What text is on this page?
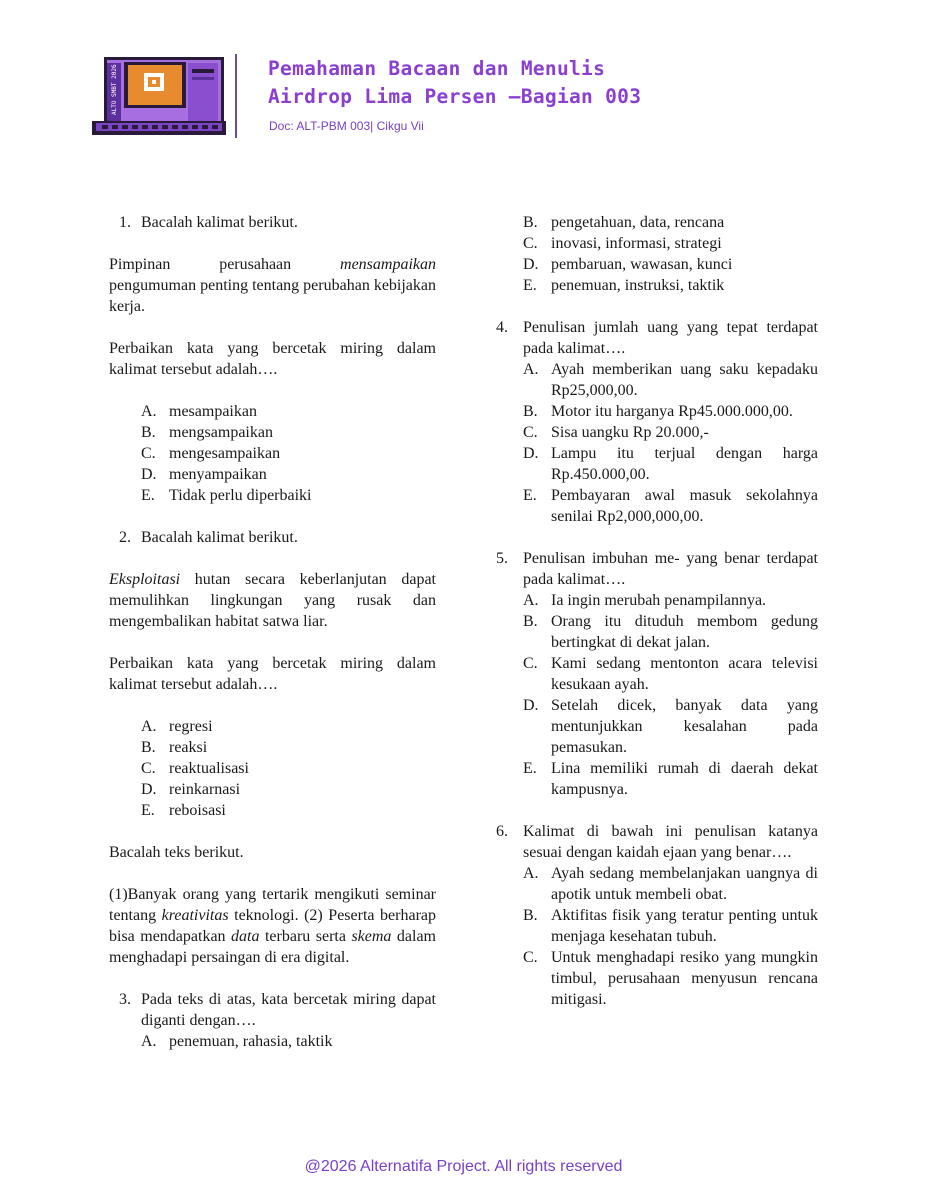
ALTO SMBT 2026	Pemahaman Bacaan dan Menulis
Airdrop Lima Persen –Bagian 003
Doc: ALT-PBM 003| Cikgu Vii
1. Bacalah kalimat berikut.
Pimpinan perusahaan mensampaikan pengumuman penting tentang perubahan kebijakan kerja.
Perbaikan kata yang bercetak miring dalam kalimat tersebut adalah….
A. mesampaikan
B. mengsampaikan
C. mengesampaikan
D. menyampaikan
E. Tidak perlu diperbaiki
2. Bacalah kalimat berikut.
Eksploitasi hutan secara keberlanjutan dapat memulihkan lingkungan yang rusak dan mengembalikan habitat satwa liar.
Perbaikan kata yang bercetak miring dalam kalimat tersebut adalah….
A. regresi
B. reaksi
C. reaktualisasi
D. reinkarnasi
E. reboisasi
Bacalah teks berikut.
(1)Banyak orang yang tertarik mengikuti seminar tentang kreativitas teknologi. (2) Peserta berharap bisa mendapatkan data terbaru serta skema dalam menghadapi persaingan di era digital.
3. Pada teks di atas, kata bercetak miring dapat diganti dengan….
A. penemuan, rahasia, taktik
B. pengetahuan, data, rencana
C. inovasi, informasi, strategi
D. pembaruan, wawasan, kunci
E. penemuan, instruksi, taktik
4. Penulisan jumlah uang yang tepat terdapat pada kalimat….
A. Ayah memberikan uang saku kepadaku Rp25,000,00.
B. Motor itu harganya Rp45.000.000,00.
C. Sisa uangku Rp 20.000,-
D. Lampu itu terjual dengan harga Rp.450.000,00.
E. Pembayaran awal masuk sekolahnya senilai Rp2,000,000,00.
5. Penulisan imbuhan me- yang benar terdapat pada kalimat….
A. Ia ingin merubah penampilannya.
B. Orang itu dituduh membom gedung bertingkat di dekat jalan.
C. Kami sedang mentonton acara televisi kesukaan ayah.
D. Setelah dicek, banyak data yang mentunjukkan kesalahan pada pemasukan.
E. Lina memiliki rumah di daerah dekat kampusnya.
6. Kalimat di bawah ini penulisan katanya sesuai dengan kaidah ejaan yang benar….
A. Ayah sedang membelanjakan uangnya di apotik untuk membeli obat.
B. Aktifitas fisik yang teratur penting untuk menjaga kesehatan tubuh.
C. Untuk menghadapi resiko yang mungkin timbul, perusahaan menyusun rencana mitigasi.
@2026 Alternatifa Project. All rights reserved
